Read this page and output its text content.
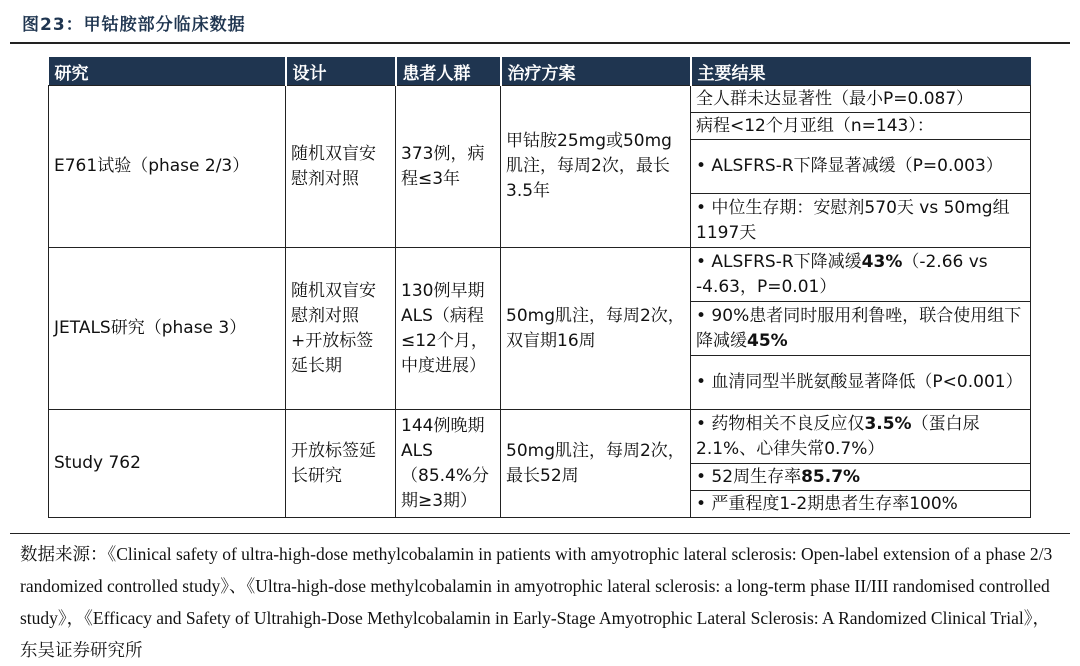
图23：甲钴胺部分临床数据
研究	设计	患者人群	治疗方案	主要结果
E761试验（phase 2/3）	随机双盲安慰剂对照	373例，病程≤3年	甲钴胺25mg或50mg肌注，每周2次，最长3.5年	全人群未达显著性（最小P=0.087）
				病程<12个月亚组（n=143）：
				• ALSFRS-R下降显著减缓（P=0.003）
				• 中位生存期：安慰剂570天 vs 50mg组1197天
JETALS研究（phase 3）	随机双盲安慰剂对照+开放标签延长期	130例早期ALS（病程≤12个月，中度进展）	50mg肌注，每周2次，双盲期16周	• ALSFRS-R下降减缓43%（-2.66 vs -4.63，P=0.01）
				• 90%患者同时服用利鲁唑，联合使用组下降减缓45%
				• 血清同型半胱氨酸显著降低（P<0.001）
Study 762	开放标签延长研究	144例晚期ALS（85.4%分期≥3期）	50mg肌注，每周2次，最长52周	• 药物相关不良反应仅3.5%（蛋白尿2.1%、心律失常0.7%）
				• 52周生存率85.7%
				• 严重程度1-2期患者生存率100%
数据来源：《Clinical safety of ultra-high-dose methylcobalamin in patients with amyotrophic lateral sclerosis: Open-label extension of a phase 2/3 randomized controlled study》、《Ultra-high-dose methylcobalamin in amyotrophic lateral sclerosis: a long-term phase II/III randomised controlled study》，《Efficacy and Safety of Ultrahigh-Dose Methylcobalamin in Early-Stage Amyotrophic Lateral Sclerosis: A Randomized Clinical Trial》，东吴证券研究所
